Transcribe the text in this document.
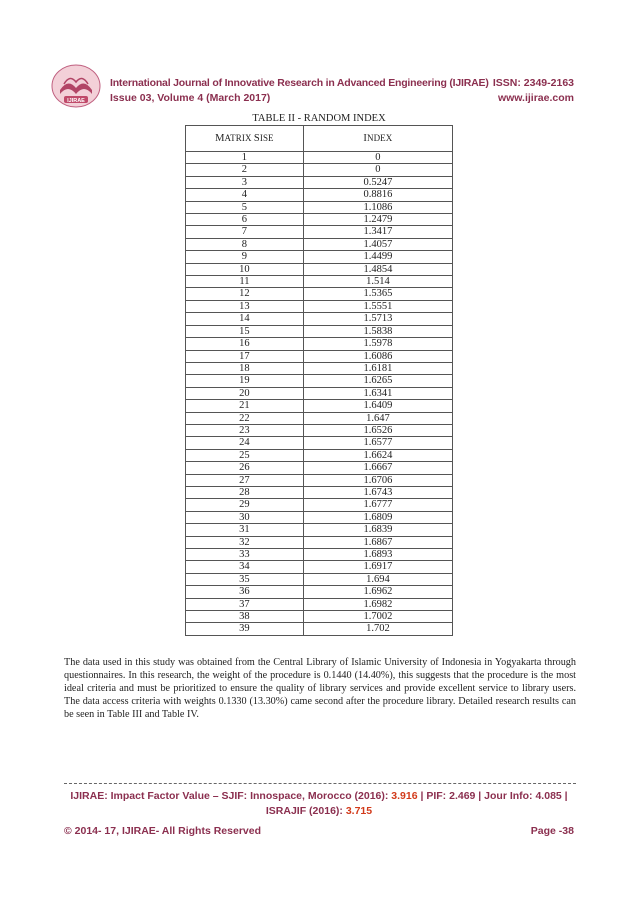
IJIRAE
International Journal of Innovative Research in Advanced Engineering (IJIRAE) ISSN: 2349-2163
Issue 03, Volume 4 (March 2017)	www.ijirae.com
TABLE II - RANDOM INDEX
MATRIX SISE	INDEX
1	0
2	0
3	0.5247
4	0.8816
5	1.1086
6	1.2479
7	1.3417
8	1.4057
9	1.4499
10	1.4854
11	1.514
12	1.5365
13	1.5551
14	1.5713
15	1.5838
16	1.5978
17	1.6086
18	1.6181
19	1.6265
20	1.6341
21	1.6409
22	1.647
23	1.6526
24	1.6577
25	1.6624
26	1.6667
27	1.6706
28	1.6743
29	1.6777
30	1.6809
31	1.6839
32	1.6867
33	1.6893
34	1.6917
35	1.694
36	1.6962
37	1.6982
38	1.7002
39	1.702
The data used in this study was obtained from the Central Library of Islamic University of Indonesia in Yogyakarta through questionnaires. In this research, the weight of the procedure is 0.1440 (14.40%), this suggests that the procedure is the most ideal criteria and must be prioritized to ensure the quality of library services and provide excellent service to library users. The data access criteria with weights 0.1330 (13.30%) came second after the procedure library. Detailed research results can be seen in Table III and Table IV.
IJIRAE: Impact Factor Value – SJIF: Innospace, Morocco (2016): 3.916 | PIF: 2.469 | Jour Info: 4.085 |
ISRAJIF (2016): 3.715
© 2014- 17, IJIRAE- All Rights Reserved	Page -38
